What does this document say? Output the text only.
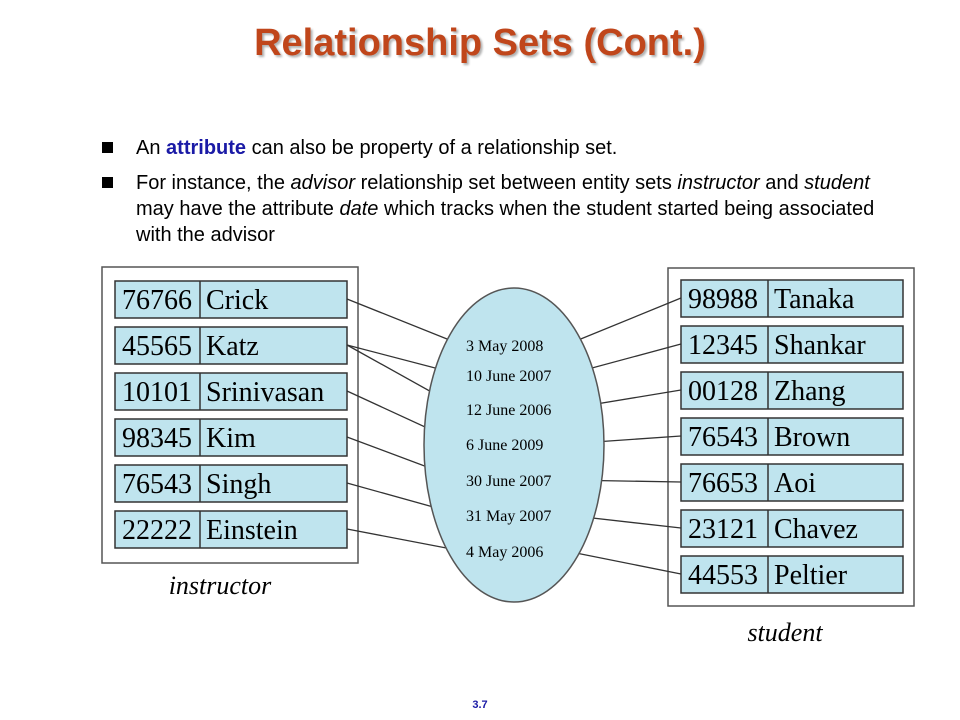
Relationship Sets (Cont.)
An attribute can also be property of a relationship set.
For instance, the advisor relationship set between entity sets instructor and student may have the attribute date which tracks when the student started being associated with the advisor
76766 Crick
45565 Katz
10101 Srinivasan
98345 Kim
76543 Singh
22222 Einstein
instructor
98988 Tanaka
12345 Shankar
00128 Zhang
76543 Brown
76653 Aoi
23121 Chavez
44553 Peltier
student
3 May 2008
10 June 2007
12 June 2006
6 June 2009
30 June 2007
31 May 2007
4 May 2006
3.7
